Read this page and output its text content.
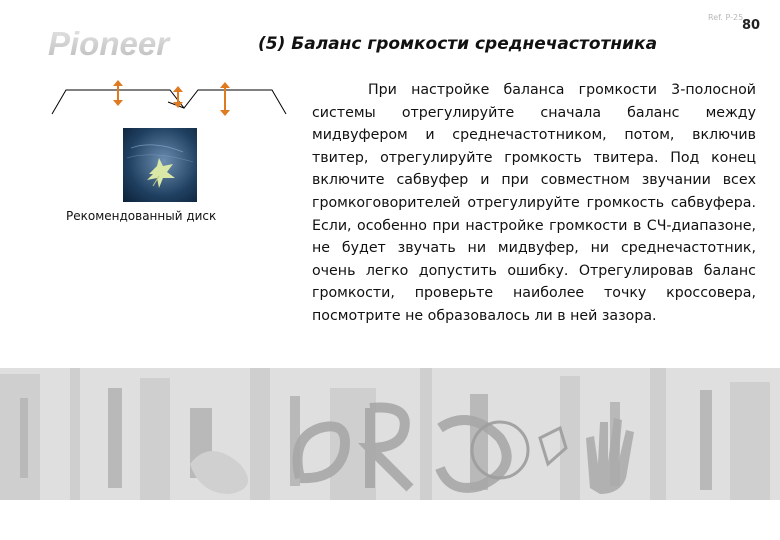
Pioneer
Ref. P-25
80
(5) Баланс громкости среднечастотника
Рекомендованный диск
При настройке баланса громкости 3-полосной системы отрегулируйте сначала баланс между мидвуфером и среднечастотником, потом, включив твитер, отрегулируйте громкость твитера. Под конец включите сабвуфер и при совместном звучании всех громкоговорителей отрегулируйте громкость сабвуфера. Если, особенно при настройке громкости в СЧ-диапазоне, не будет звучать ни мидвуфер, ни среднечастотник, очень легко допустить ошибку. Отрегулировав баланс громкости, проверьте наиболее точку кроссовера, посмотрите не образовалось ли в ней зазора.
